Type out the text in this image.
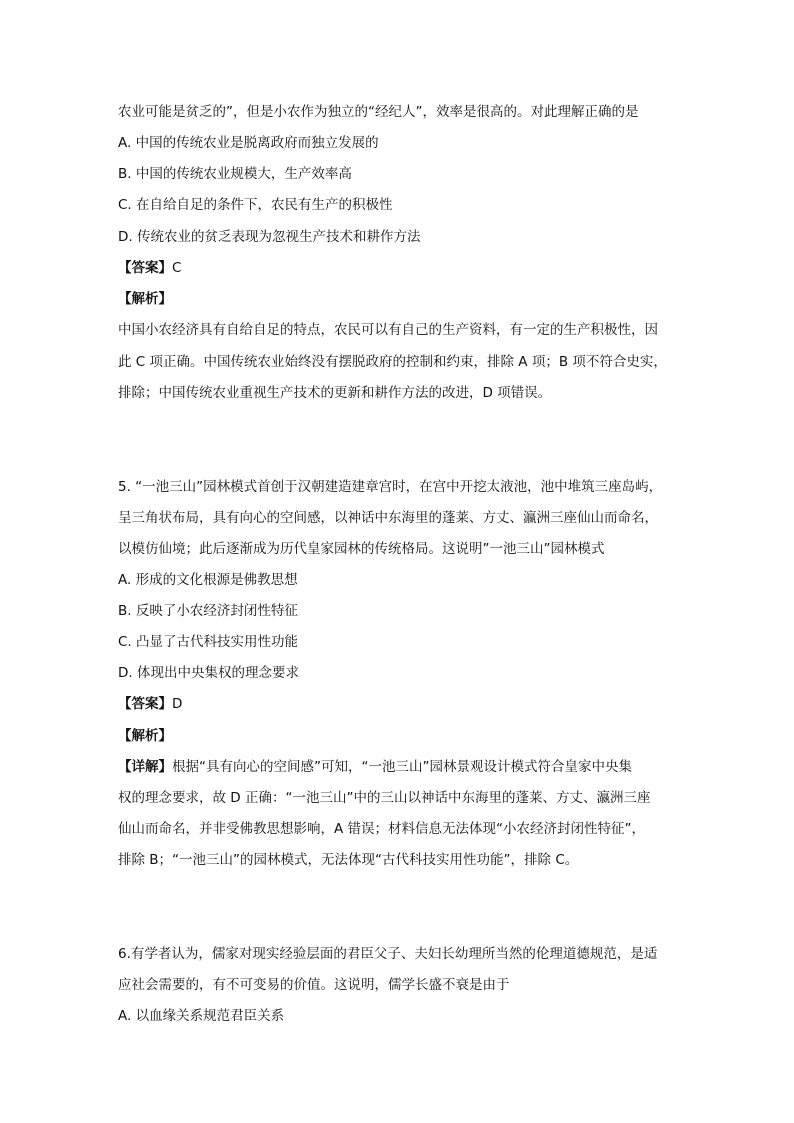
农业可能是贫乏的”，但是小农作为独立的“经纪人”，效率是很高的。对此理解正确的是
A. 中国的传统农业是脱离政府而独立发展的
B. 中国的传统农业规模大，生产效率高
C. 在自给自足的条件下，农民有生产的积极性
D. 传统农业的贫乏表现为忽视生产技术和耕作方法
【答案】C
【解析】
中国小农经济具有自给自足的特点，农民可以有自己的生产资料，有一定的生产积极性，因
此 C 项正确。中国传统农业始终没有摆脱政府的控制和约束，排除 A 项；B 项不符合史实，
排除；中国传统农业重视生产技术的更新和耕作方法的改进，D 项错误。
5. “一池三山”园林模式首创于汉朝建造建章宫时，在宫中开挖太液池，池中堆筑三座岛屿，
呈三角状布局，具有向心的空间感，以神话中东海里的蓬莱、方丈、瀛洲三座仙山而命名，
以模仿仙境；此后逐渐成为历代皇家园林的传统格局。这说明”一池三山”园林模式
A. 形成的文化根源是佛教思想
B. 反映了小农经济封闭性特征
C. 凸显了古代科技实用性功能
D. 体现出中央集权的理念要求
【答案】D
【解析】
【详解】根据“具有向心的空间感”可知，“一池三山”园林景观设计模式符合皇家中央集
权的理念要求，故 D 正确：“一池三山”中的三山以神话中东海里的蓬莱、方丈、瀛洲三座
仙山而命名，并非受佛教思想影响，A 错误；材料信息无法体现“小农经济封闭性特征”，
排除 B；“一池三山”的园林模式，无法体现“古代科技实用性功能”，排除 C。
6.有学者认为，儒家对现实经验层面的君臣父子、夫妇长幼理所当然的伦理道德规范，是适
应社会需要的，有不可变易的价值。这说明，儒学长盛不衰是由于
A. 以血缘关系规范君臣关系
